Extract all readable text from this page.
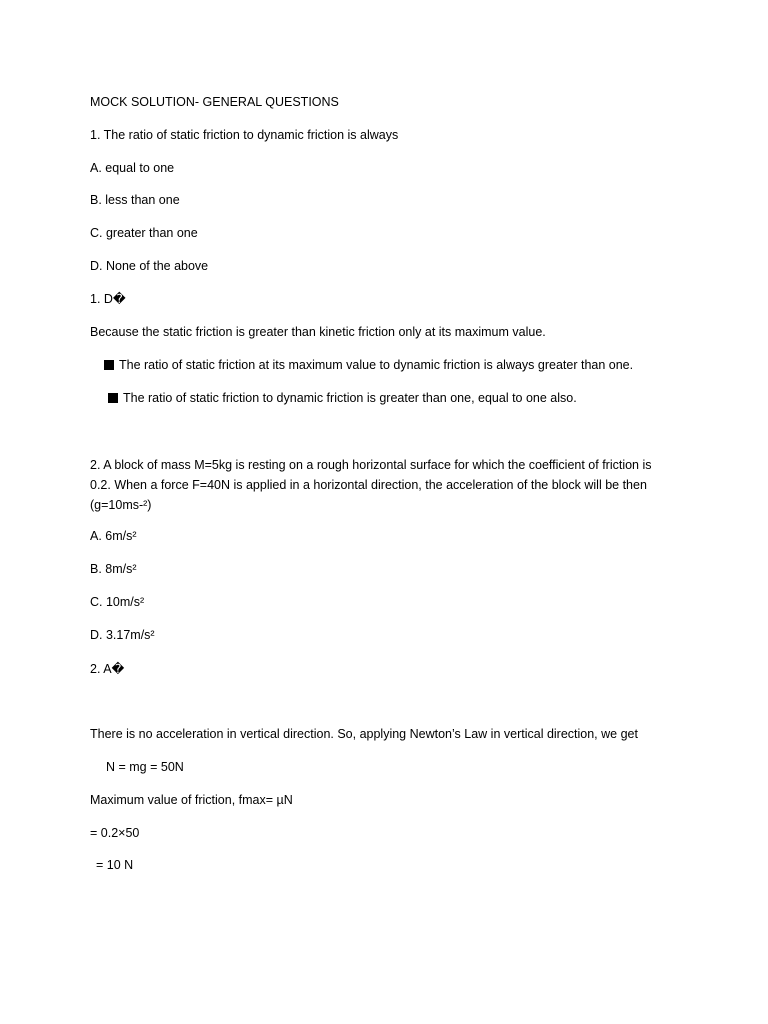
MOCK SOLUTION- GENERAL QUESTIONS
1. The ratio of static friction to dynamic friction is always
A. equal to one
B. less than one
C. greater than one
D. None of the above
1. D�
Because the static friction is greater than kinetic friction only at its maximum value.
The ratio of static friction at its maximum value to dynamic friction is always greater than one.
The ratio of static friction to dynamic friction is greater than one, equal to one also.
2. A block of mass M=5kg is resting on a rough horizontal surface for which the coefficient of friction is 0.2. When a force F=40N is applied in a horizontal direction, the acceleration of the block will be then (g=10ms-²)
A. 6m/s²
B. 8m/s²
C. 10m/s²
D. 3.17m/s²
2. A�
There is no acceleration in vertical direction. So, applying Newton’s Law in vertical direction, we get
N = mg = 50N
Maximum value of friction, fmax= µN
= 0.2×50
= 10 N
